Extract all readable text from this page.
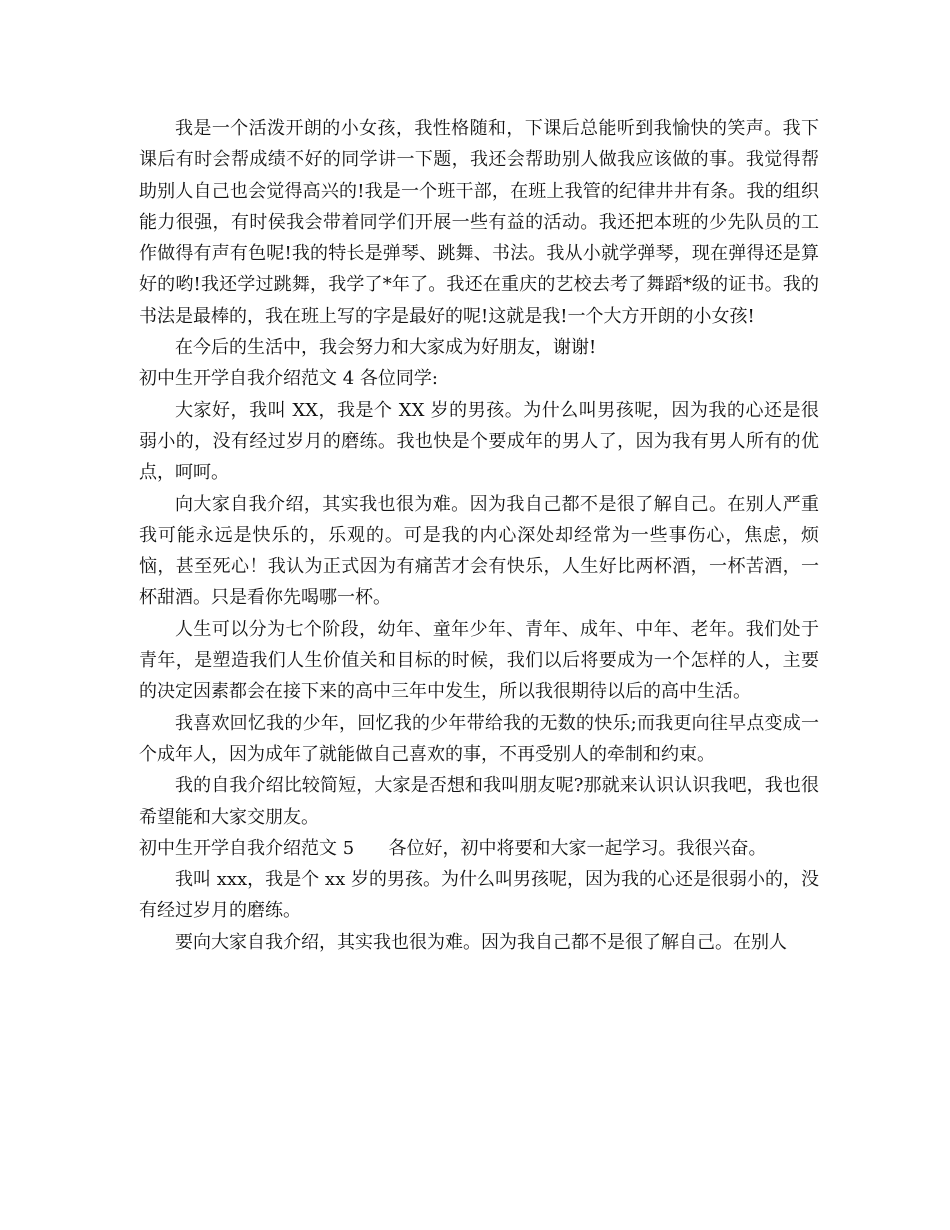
我是一个活泼开朗的小女孩，我性格随和，下课后总能听到我愉快的笑声。我下课后有时会帮成绩不好的同学讲一下题，我还会帮助别人做我应该做的事。我觉得帮助别人自己也会觉得高兴的!我是一个班干部，在班上我管的纪律井井有条。我的组织能力很强，有时侯我会带着同学们开展一些有益的活动。我还把本班的少先队员的工作做得有声有色呢!我的特长是弹琴、跳舞、书法。我从小就学弹琴，现在弹得还是算好的哟!我还学过跳舞，我学了*年了。我还在重庆的艺校去考了舞蹈*级的证书。我的书法是最棒的，我在班上写的字是最好的呢!这就是我!一个大方开朗的小女孩!

在今后的生活中，我会努力和大家成为好朋友，谢谢!

初中生开学自我介绍范文 4 各位同学:

大家好，我叫 XX，我是个 XX 岁的男孩。为什么叫男孩呢，因为我的心还是很弱小的，没有经过岁月的磨练。我也快是个要成年的男人了，因为我有男人所有的优点，呵呵。

向大家自我介绍，其实我也很为难。因为我自己都不是很了解自己。在别人严重我可能永远是快乐的，乐观的。可是我的内心深处却经常为一些事伤心，焦虑，烦恼，甚至死心！我认为正式因为有痛苦才会有快乐，人生好比两杯酒，一杯苦酒，一杯甜酒。只是看你先喝哪一杯。

人生可以分为七个阶段，幼年、童年少年、青年、成年、中年、老年。我们处于青年，是塑造我们人生价值关和目标的时候，我们以后将要成为一个怎样的人，主要的决定因素都会在接下来的高中三年中发生，所以我很期待以后的高中生活。

我喜欢回忆我的少年，回忆我的少年带给我的无数的快乐;而我更向往早点变成一个成年人，因为成年了就能做自己喜欢的事，不再受别人的牵制和约束。

我的自我介绍比较简短，大家是否想和我叫朋友呢?那就来认识认识我吧，我也很希望能和大家交朋友。

初中生开学自我介绍范文 5      各位好，初中将要和大家一起学习。我很兴奋。

我叫 xxx，我是个 xx 岁的男孩。为什么叫男孩呢，因为我的心还是很弱小的，没有经过岁月的磨练。

要向大家自我介绍，其实我也很为难。因为我自己都不是很了解自己。在别人
